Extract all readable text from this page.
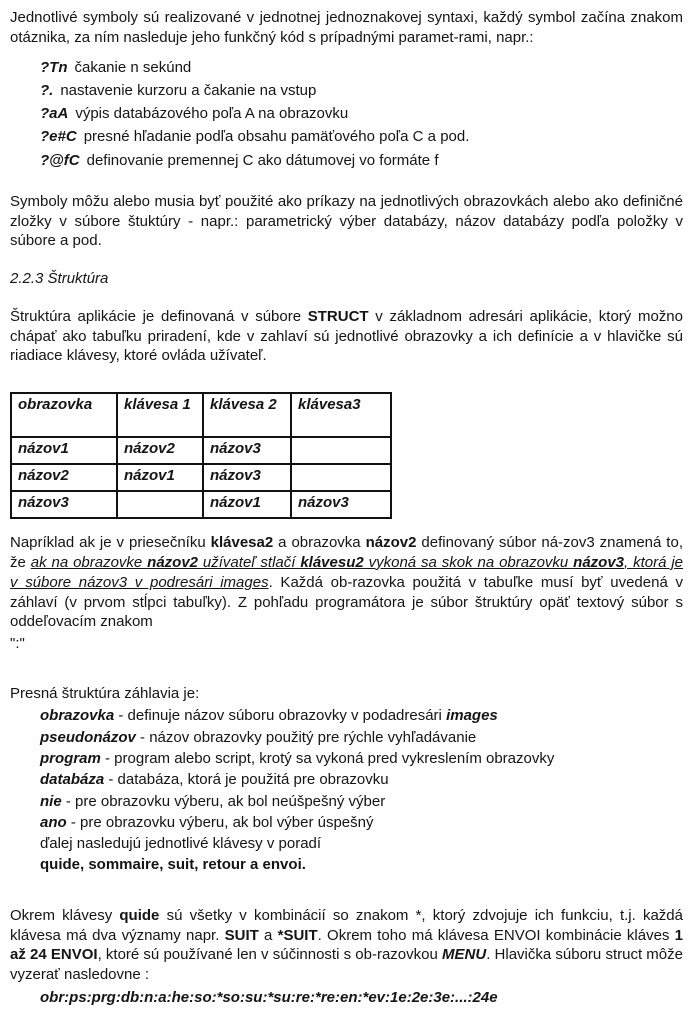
Jednotlivé symboly sú realizované v jednotnej jednoznakovej syntaxi, každý symbol začína znakom otáznika, za ním nasleduje jeho funkčný kód s prípadnými paramet-rami, napr.:

?Tn čakanie n sekúnd
?. nastavenie kurzoru a čakanie na vstup
?aA výpis databázového poľa A na obrazovku
?e#C presné hľadanie podľa obsahu pamäťového poľa C a pod.
?@fC definovanie premennej C ako dátumovej vo formáte f

Symboly môžu alebo musia byť použité ako príkazy na jednotlivých obrazovkách alebo ako definičné zložky v súbore štuktúry - napr.: parametrický výber databázy, názov databázy podľa položky v súbore a pod.

2.2.3 Štruktúra

Štruktúra aplikácie je definovaná v súbore STRUCT v základnom adresári aplikácie, ktorý možno chápať ako tabuľku priradení, kde v zahlaví sú jednotlivé obrazovky a ich definície a v hlavičke sú riadiace klávesy, ktoré ovláda užívateľ.

obrazovka	klávesa 1	klávesa 2	klávesa3
názov1	názov2	názov3	
názov2	názov1	názov3	
názov3		názov1	názov3

Napríklad ak je v priesečníku klávesa2 a obrazovka názov2 definovaný súbor ná-zov3 znamená to, že ak na obrazovke názov2 užívateľ stlačí klávesu2 vykoná sa skok na obrazovku názov3, ktorá je v súbore názov3 v podresári images. Každá ob-razovka použitá v tabuľke musí byť uvedená v záhlaví (v prvom stĺpci tabuľky). Z pohľadu programátora je súbor štruktúry opäť textový súbor s oddeľovacím znakom

":"

Presná štruktúra záhlavia je:

obrazovka - definuje názov súboru obrazovky v podadresári images
pseudonázov - názov obrazovky použitý pre rýchle vyhľadávanie
program - program alebo script, krotý sa vykoná pred vykreslením obrazovky
databáza - databáza, ktorá je použitá pre obrazovku
nie - pre obrazovku výberu, ak bol neúšpešný výber
ano - pre obrazovku výberu, ak bol výber úspešný
ďalej nasledujú jednotlivé klávesy v poradí
quide, sommaire, suit, retour a envoi.

Okrem klávesy quide sú všetky v kombinácií so znakom *, ktorý zdvojuje ich funkciu, t.j. každá klávesa má dva významy napr. SUIT a *SUIT. Okrem toho má klávesa ENVOI kombinácie kláves 1 až 24 ENVOI, ktoré sú používané len v súčinnosti s ob-razovkou MENU. Hlavička súboru struct môže vyzerať nasledovne :

obr:ps:prg:db:n:a:he:so:*so:su:*su:re:*re:en:*ev:1e:2e:3e:...:24e
